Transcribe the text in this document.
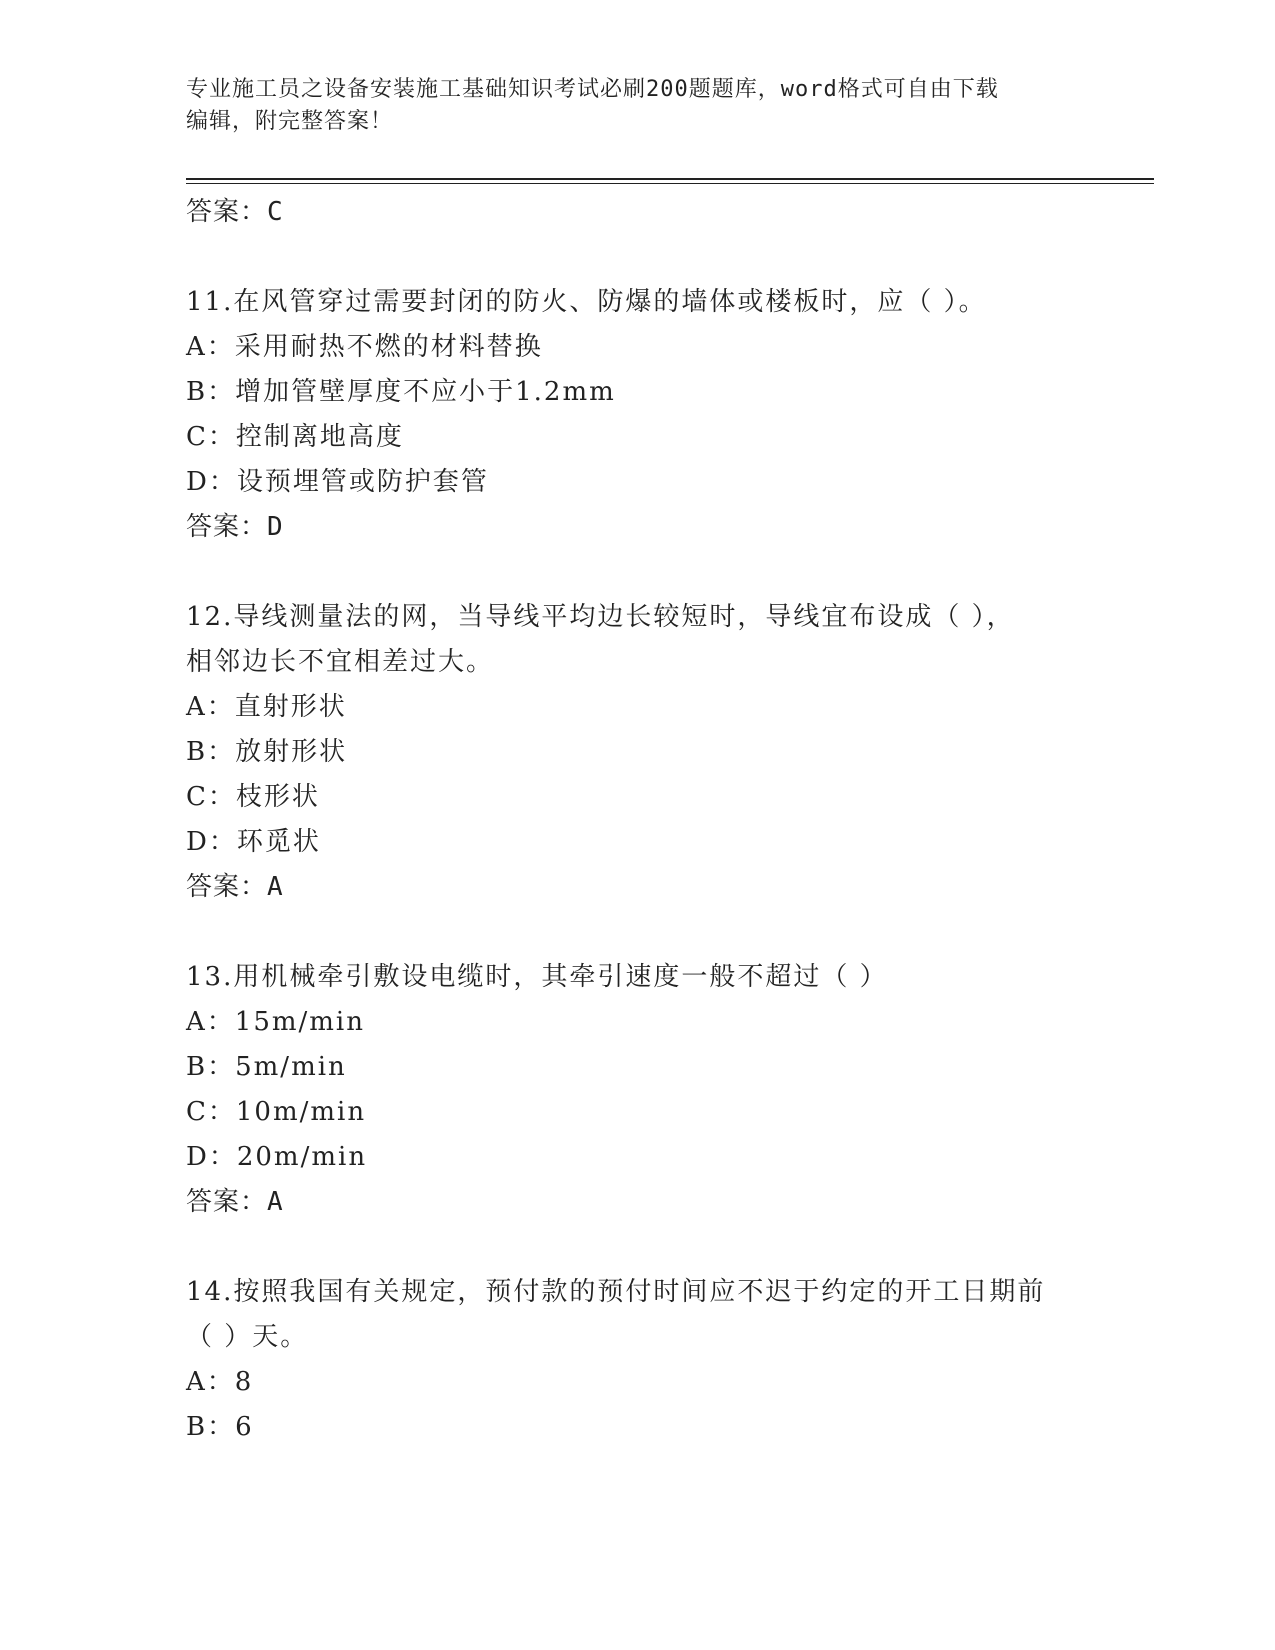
专业施工员之设备安装施工基础知识考试必刷200题题库，word格式可自由下载
编辑，附完整答案！
答案：C
11.在风管穿过需要封闭的防火、防爆的墙体或楼板时，应（ ）。
A：采用耐热不燃的材料替换
B：增加管壁厚度不应小于1.2mm
C：控制离地高度
D：设预埋管或防护套管
答案：D
12.导线测量法的网，当导线平均边长较短时，导线宜布设成（ ），
相邻边长不宜相差过大。
A：直射形状
B：放射形状
C：枝形状
D：环觅状
答案：A
13.用机械牵引敷设电缆时，其牵引速度一般不超过（ ）
A：15m/min
B：5m/min
C：10m/min
D：20m/min
答案：A
14.按照我国有关规定，预付款的预付时间应不迟于约定的开工日期前
（ ）天。
A：8
B：6
